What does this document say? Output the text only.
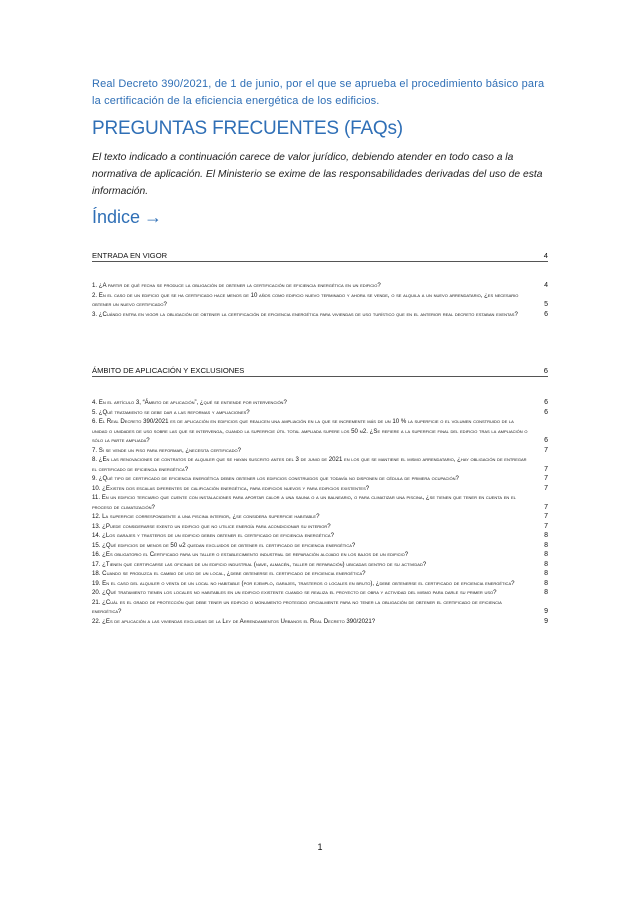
Real Decreto 390/2021, de 1 de junio, por el que se aprueba el procedimiento básico para la certificación de la eficiencia energética de los edificios.

PREGUNTAS FRECUENTES (FAQs)

El texto indicado a continuación carece de valor jurídico, debiendo atender en todo caso a la normativa de aplicación. El Ministerio se exime de las responsabilidades derivadas del uso de esta información.

Índice →
ENTRADA EN VIGOR	4
1. ¿A partir de qué fecha se produce la obligación de obtener la certificación de eficiencia energética en un edificio?	4
2. En el caso de un edificio que se ha certificado hace menos de 10 años como edificio nuevo terminado y ahora se vende, o se alquila a un nuevo arrendatario, ¿es necesario obtener un nuevo certificado?	5
3. ¿Cuándo entra en vigor la obligación de obtener la certificación de eficiencia energética para viviendas de uso turístico que en el anterior real decreto estaban exentas?	6
ÁMBITO DE APLICACIÓN Y EXCLUSIONES	6
4. En el artículo 3, “Ámbito de aplicación”, ¿qué se entiende por intervención?	6
5. ¿Qué tratamiento se debe dar a las reformas y ampliaciones?	6
6. El Real Decreto 390/2021 es de aplicación en edificios que realicen una ampliación en la que se incremente más de un 10 % la superficie o el volumen construido de la unidad o unidades de uso sobre las que se intervenga, cuando la superficie útil total ampliada supere los 50 m2. ¿Se refiere a la superficie final del edificio tras la ampliación o sólo la parte ampliada?	6
7. Si se vende un piso para reformar, ¿necesita certificado?	7
8. ¿En las renovaciones de contratos de alquiler que se hayan suscrito antes del 3 de junio de 2021 en los que se mantiene el mismo arrendatario, ¿hay obligación de entregar el certificado de eficiencia energética?	7
9. ¿Qué tipo de certificado de eficiencia energética deben obtener los edificios construidos que todavía no disponen de cédula de primera ocupación?	7
10. ¿Existen dos escalas diferentes de calificación energética, para edificios nuevos y para edificios existentes?	7
11. En un edificio terciario que cuente con instalaciones para aportar calor a una sauna o a un balneario, o para climatizar una piscina, ¿se tienen que tener en cuenta en el proceso de climatización?	7
12. La superficie correspondiente a una piscina interior, ¿se considera superficie habitable?	7
13. ¿Puede considerarse exento un edificio que no utilice energía para acondicionar su interior?	7
14. ¿Los garajes y trasteros de un edificio deben obtener el certificado de eficiencia energética?	8
15. ¿Qué edificios de menos de 50 m2 quedan excluidos de obtener el certificado de eficiencia energética?	8
16. ¿Es obligatorio el Certificado para un taller o establecimiento industrial de reparación alojado en los bajos de un edificio?	8
17. ¿Tienen que certificarse las oficinas de un edificio industrial (nave, almacén, taller de reparación) ubicadas dentro de su actividad?	8
18. Cuando se produzca el cambio de uso de un local, ¿debe obtenerse el certificado de eficiencia energética?	8
19. En el caso del alquiler o venta de un local no habitable (por ejemplo, garajes, trasteros o locales en bruto), ¿debe obtenerse el certificado de eficiencia energética?	8
20. ¿Qué tratamiento tienen los locales no habitables en un edificio existente cuando se realiza el proyecto de obra y actividad del mismo para darle su primer uso?	8
21. ¿Cuál es el grado de protección que debe tener un edificio o monumento protegido oficialmente para no tener la obligación de obtener el certificado de eficiencia energética?	9
22. ¿Es de aplicación a las viviendas excluidas de la Ley de Arrendamientos Urbanos el Real Decreto 390/2021?	9
1
